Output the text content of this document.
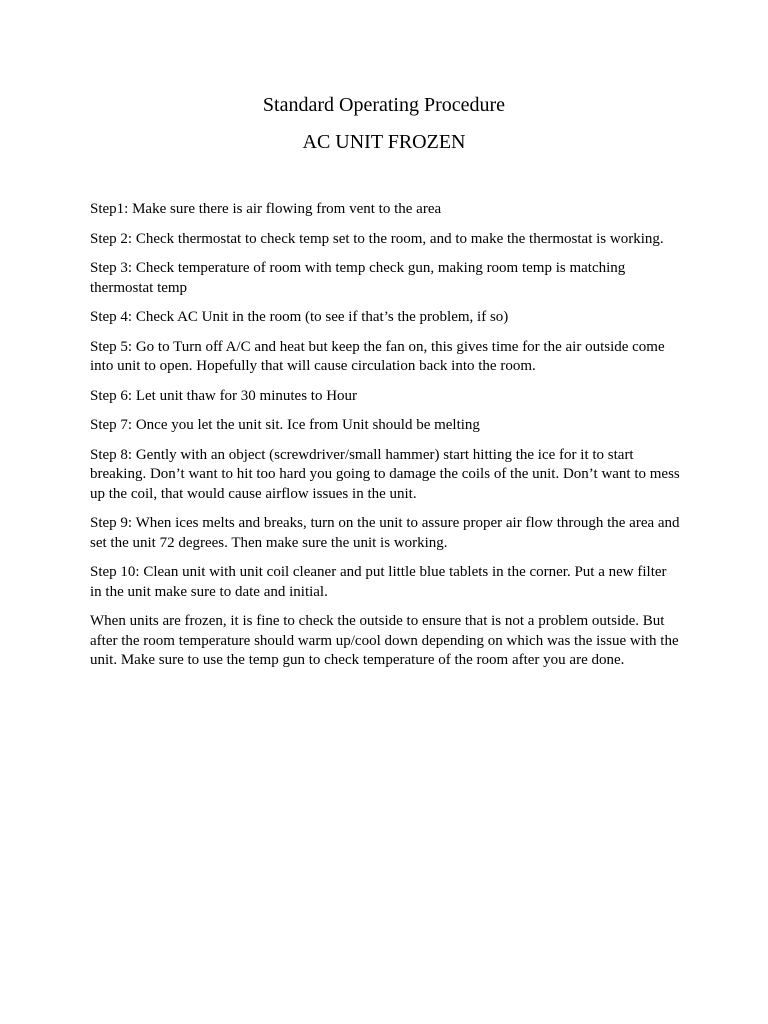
Standard Operating Procedure
AC UNIT FROZEN

Step1: Make sure there is air flowing from vent to the area

Step 2: Check thermostat to check temp set to the room, and to make the thermostat is working.

Step 3: Check temperature of room with temp check gun, making room temp is matching thermostat temp

Step 4: Check AC Unit in the room (to see if that’s the problem, if so)

Step 5: Go to Turn off A/C and heat but keep the fan on, this gives time for the air outside come into unit to open. Hopefully that will cause circulation back into the room.

Step 6: Let unit thaw for 30 minutes to Hour

Step 7: Once you let the unit sit. Ice from Unit should be melting

Step 8: Gently with an object (screwdriver/small hammer) start hitting the ice for it to start breaking. Don’t want to hit too hard you going to damage the coils of the unit. Don’t want to mess up the coil, that would cause airflow issues in the unit.

Step 9: When ices melts and breaks, turn on the unit to assure proper air flow through the area and set the unit 72 degrees. Then make sure the unit is working.

Step 10: Clean unit with unit coil cleaner and put little blue tablets in the corner. Put a new filter in the unit make sure to date and initial.

When units are frozen, it is fine to check the outside to ensure that is not a problem outside. But after the room temperature should warm up/cool down depending on which was the issue with the unit. Make sure to use the temp gun to check temperature of the room after you are done.
